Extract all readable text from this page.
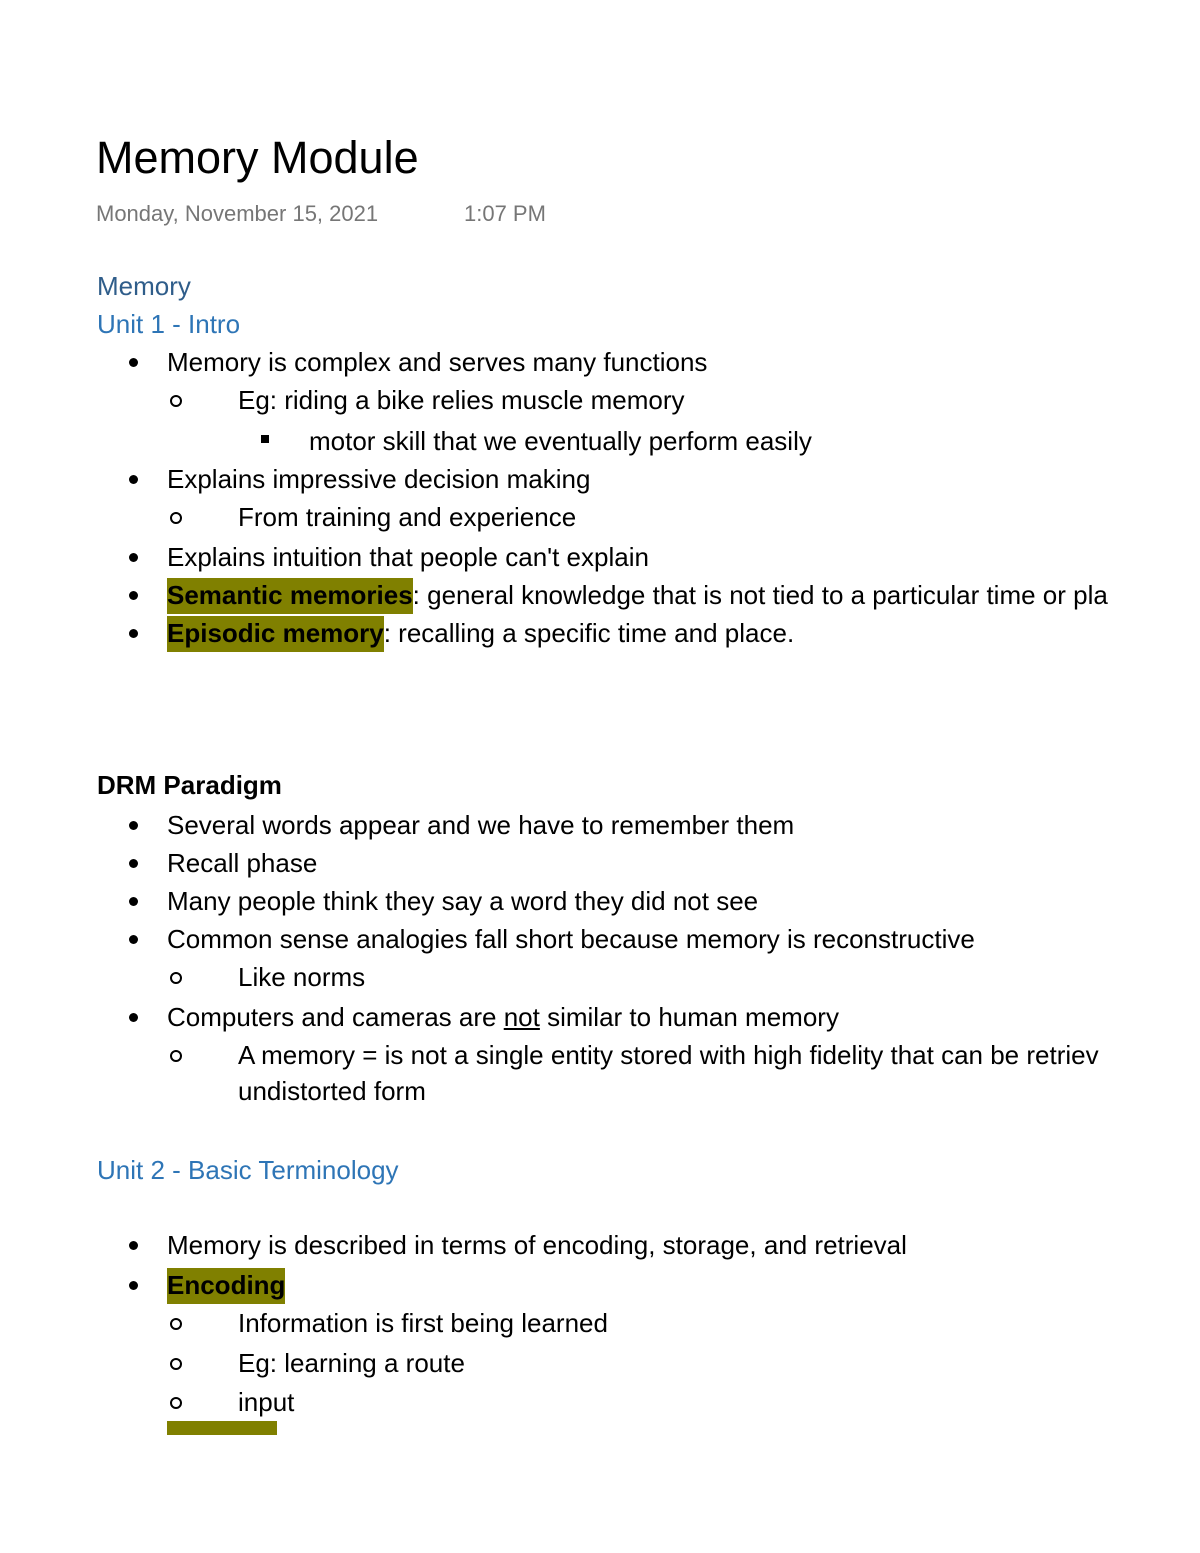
Memory Module
Monday, November 15, 2021	1:07 PM
Memory
Unit 1 - Intro
Memory is complex and serves many functions
Eg: riding a bike relies muscle memory
motor skill that we eventually perform easily
Explains impressive decision making
From training and experience
Explains intuition that people can't explain
Semantic memories: general knowledge that is not tied to a particular time or pla
Episodic memory: recalling a specific time and place.
DRM Paradigm
Several words appear and we have to remember them
Recall phase
Many people think they say a word they did not see
Common sense analogies fall short because memory is reconstructive
Like norms
Computers and cameras are not similar to human memory
A memory = is not a single entity stored with high fidelity that can be retriev
undistorted form
Unit 2 - Basic Terminology
Memory is described in terms of encoding, storage, and retrieval
Encoding
Information is first being learned
Eg: learning a route
input
